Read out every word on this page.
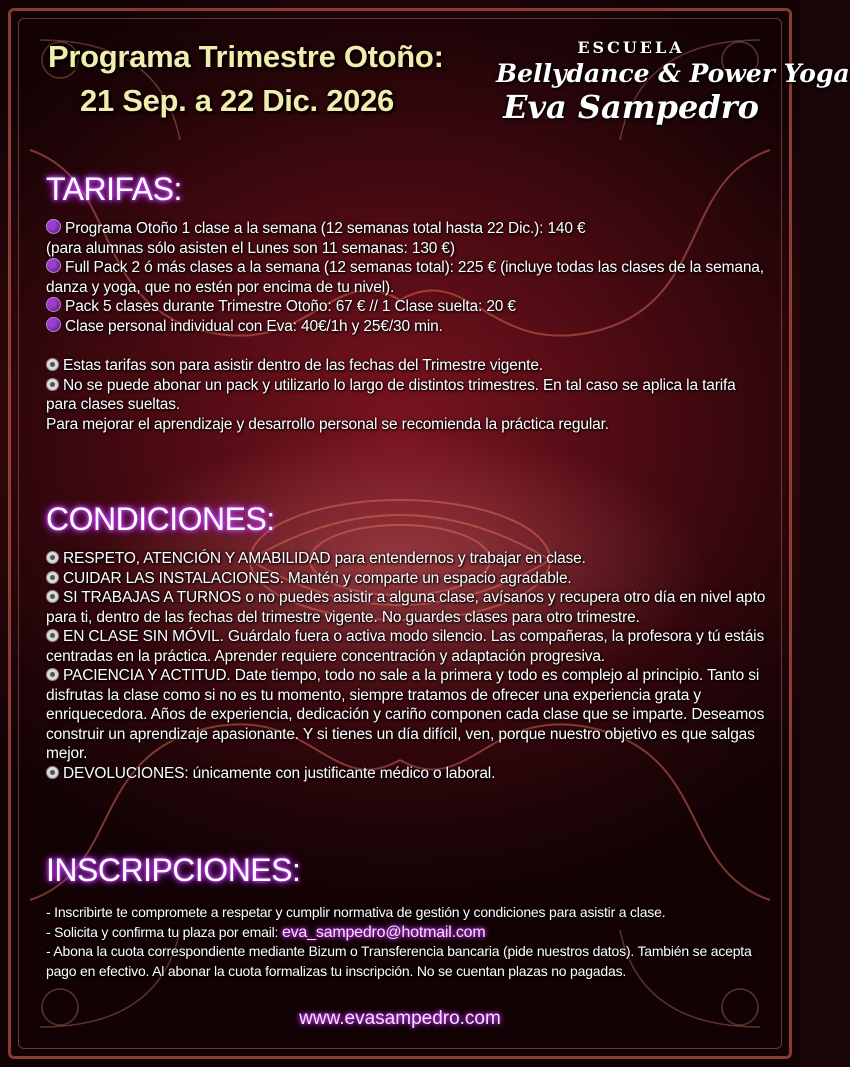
Programa Trimestre Otoño:
21 Sep. a 22 Dic. 2026
ESCUELA
Bellydance & Power Yoga
Eva Sampedro
TARIFAS:

Programa Otoño 1 clase a la semana (12 semanas total hasta 22 Dic.): 140 €

(para alumnas sólo asisten el Lunes son 11 semanas: 130 €)

Full Pack 2 ó más clases a la semana (12 semanas total): 225 € (incluye todas las clases de la semana, danza y yoga, que no estén por encima de tu nivel).

Pack 5 clases durante Trimestre Otoño: 67 € // 1 Clase suelta: 20 €

Clase personal individual con Eva: 40€/1h y 25€/30 min.

Estas tarifas son para asistir dentro de las fechas del Trimestre vigente.

No se puede abonar un pack y utilizarlo lo largo de distintos trimestres. En tal caso se aplica la tarifa para clases sueltas.

Para mejorar el aprendizaje y desarrollo personal se recomienda la práctica regular.

CONDICIONES:

RESPETO, ATENCIÓN Y AMABILIDAD para entendernos y trabajar en clase.

CUIDAR LAS INSTALACIONES. Mantén y comparte un espacio agradable.

SI TRABAJAS A TURNOS o no puedes asistir a alguna clase, avísanos y recupera otro día en nivel apto para ti, dentro de las fechas del trimestre vigente. No guardes clases para otro trimestre.

EN CLASE SIN MÓVIL. Guárdalo fuera o activa modo silencio. Las compañeras, la profesora y tú estáis centradas en la práctica. Aprender requiere concentración y adaptación progresiva.

PACIENCIA Y ACTITUD. Date tiempo, todo no sale a la primera y todo es complejo al principio. Tanto si disfrutas la clase como si no es tu momento, siempre tratamos de ofrecer una experiencia grata y enriquecedora. Años de experiencia, dedicación y cariño componen cada clase que se imparte. Deseamos construir un aprendizaje apasionante. Y si tienes un día difícil, ven, porque nuestro objetivo es que salgas mejor.

DEVOLUCIONES: únicamente con justificante médico o laboral.

INSCRIPCIONES:

- Inscribirte te compromete a respetar y cumplir normativa de gestión y condiciones para asistir a clase.

- Solicita y confirma tu plaza por email: eva_sampedro@hotmail.com

- Abona la cuota correspondiente mediante Bizum o Transferencia bancaria (pide nuestros datos). También se acepta pago en efectivo. Al abonar la cuota formalizas tu inscripción. No se cuentan plazas no pagadas.

www.evasampedro.com
